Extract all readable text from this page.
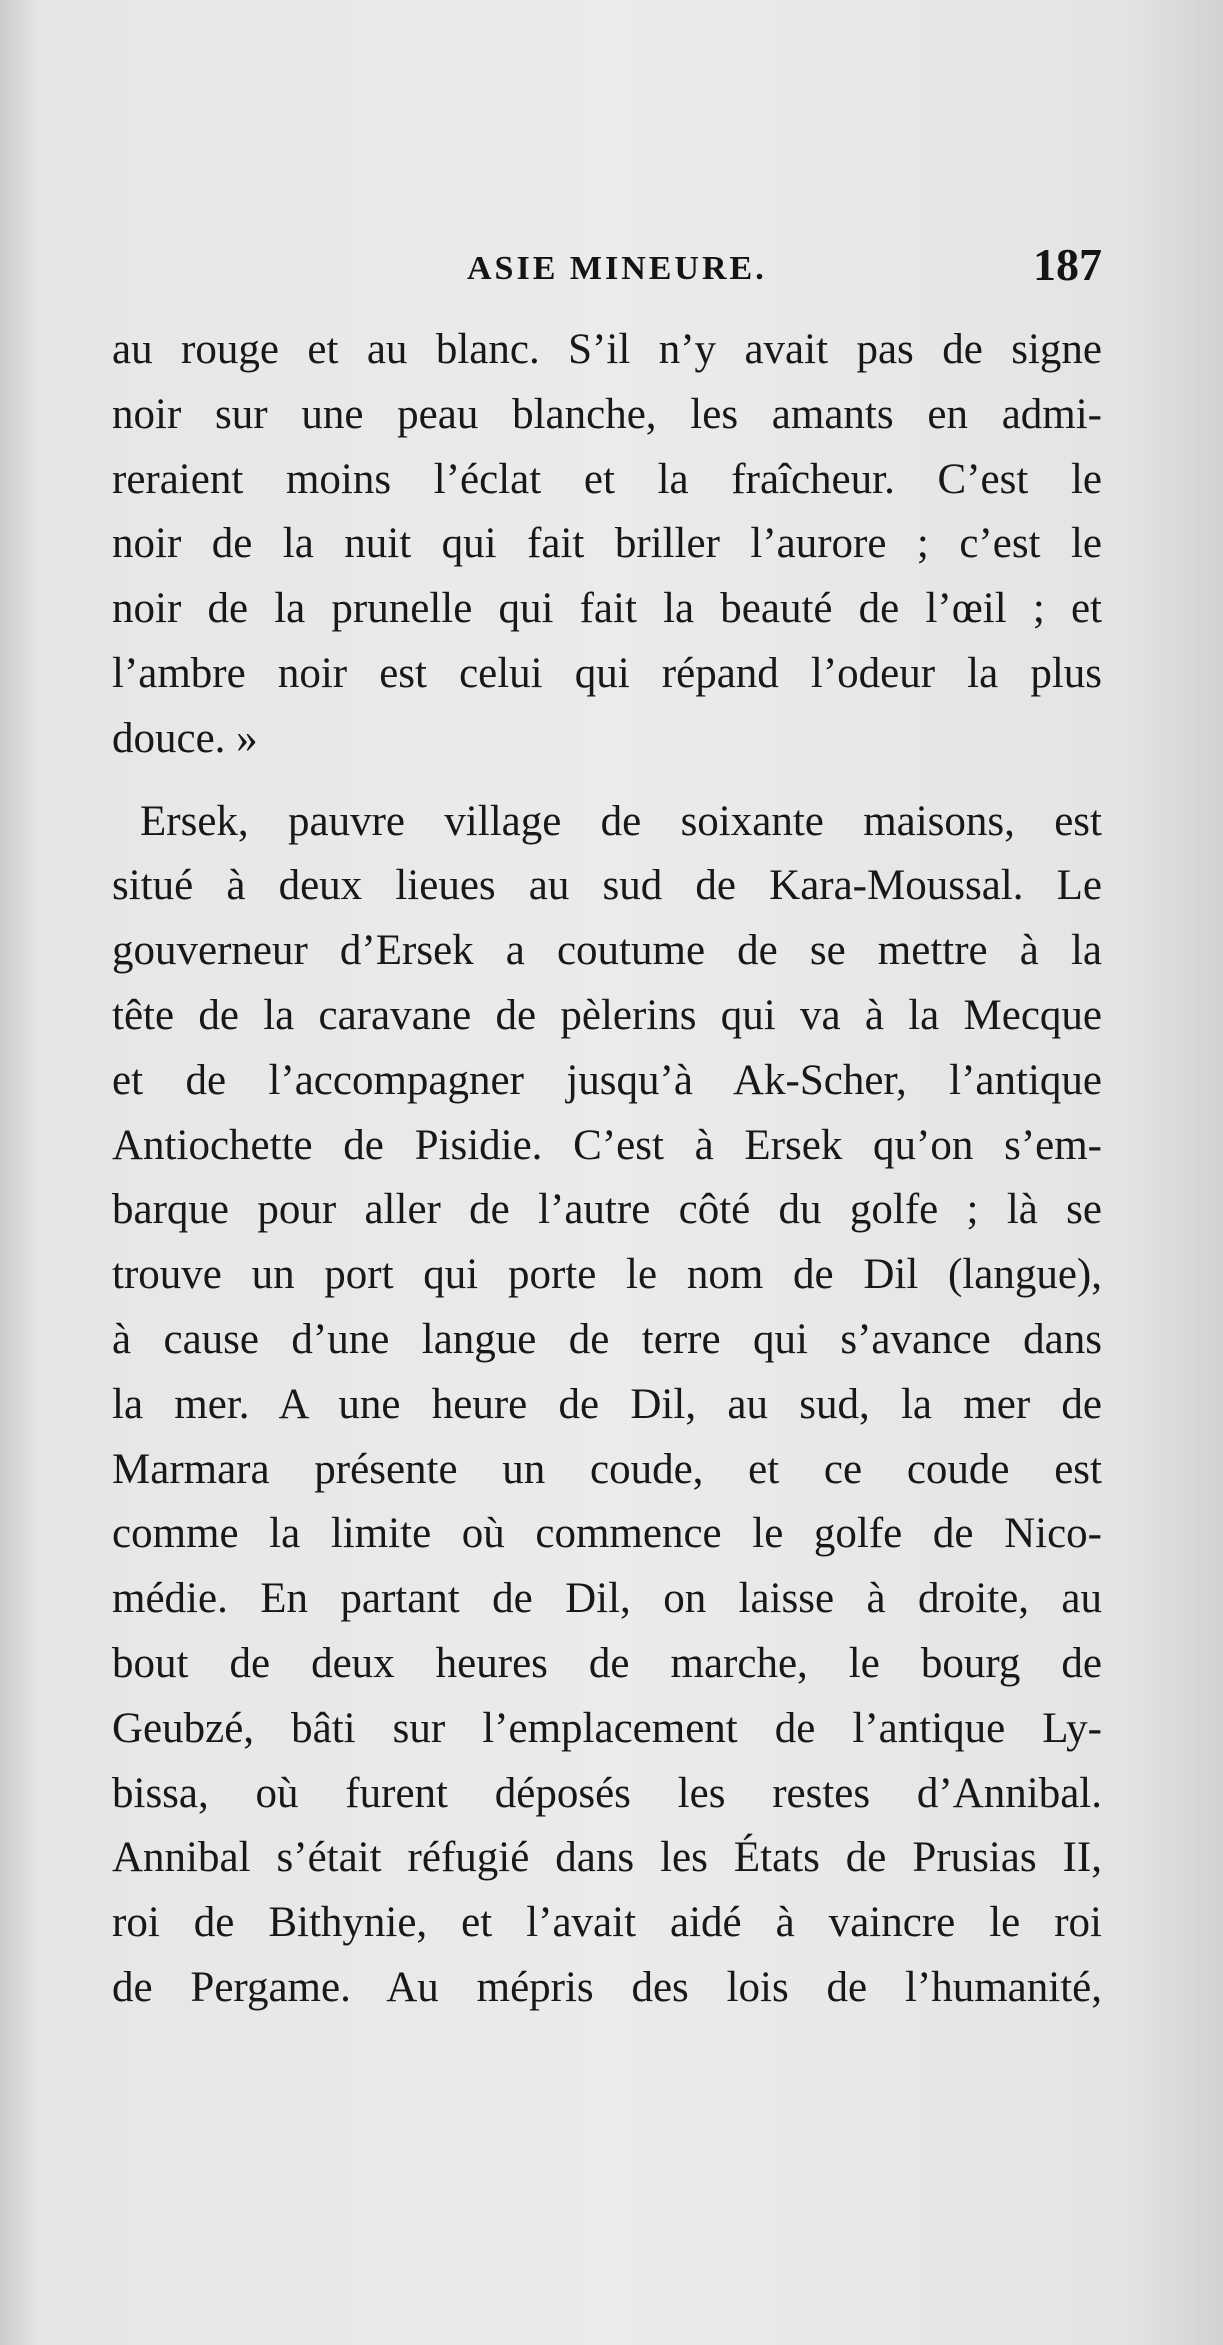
ASIE MINEURE.	187
au rouge et au blanc. S’il n’y avait pas de signe
noir sur une peau blanche, les amants en admi-
reraient moins l’éclat et la fraîcheur. C’est le
noir de la nuit qui fait briller l’aurore ; c’est le
noir de la prunelle qui fait la beauté de l’œil ; et
l’ambre noir est celui qui répand l’odeur la plus
douce. »
Ersek, pauvre village de soixante maisons, est
situé à deux lieues au sud de Kara-Moussal. Le
gouverneur d’Ersek a coutume de se mettre à la
tête de la caravane de pèlerins qui va à la Mecque
et de l’accompagner jusqu’à Ak-Scher, l’antique
Antiochette de Pisidie. C’est à Ersek qu’on s’em-
barque pour aller de l’autre côté du golfe ; là se
trouve un port qui porte le nom de Dil (langue),
à cause d’une langue de terre qui s’avance dans
la mer. A une heure de Dil, au sud, la mer de
Marmara présente un coude, et ce coude est
comme la limite où commence le golfe de Nico-
médie. En partant de Dil, on laisse à droite, au
bout de deux heures de marche, le bourg de
Geubzé, bâti sur l’emplacement de l’antique Ly-
bissa, où furent déposés les restes d’Annibal.
Annibal s’était réfugié dans les États de Prusias II,
roi de Bithynie, et l’avait aidé à vaincre le roi
de Pergame. Au mépris des lois de l’humanité,
